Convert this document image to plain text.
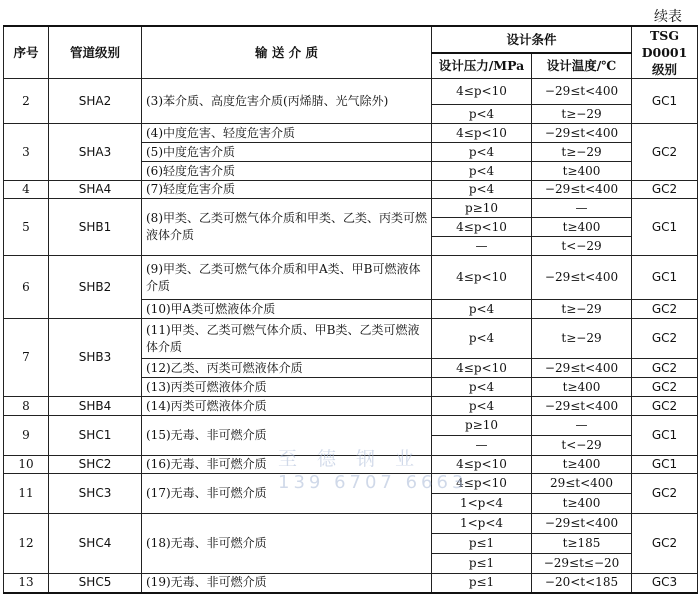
续表
序号	管道级别	输 送 介 质	设计条件		TSG D0001
级别

			设计压力/MPa	设计温度/℃	
2	SHA2	(3)苯介质、高度危害介质(丙烯腈、光气除外)	4≤p<10	−29≤t<400	GC1
			p<4	t≥−29	
3	SHA3	(4)中度危害、轻度危害介质	4≤p<10	−29≤t<400	GC2
		(5)中度危害介质	p<4	t≥−29	
		(6)轻度危害介质	p<4	t≥400	
4	SHA4	(7)轻度危害介质	p<4	−29≤t<400	GC2
5	SHB1	(8)甲类、乙类可燃气体介质和甲类、乙类、丙类可燃液体介质	p≥10	—	GC1
			4≤p<10	t≥400	
			—	t<−29	
6	SHB2	(9)甲类、乙类可燃气体介质和甲A类、甲B可燃液体介质	4≤p<10	−29≤t<400	GC1
		(10)甲A类可燃液体介质	p<4	t≥−29	GC2
7	SHB3	(11)甲类、乙类可燃气体介质、甲B类、乙类可燃液体介质	p<4	t≥−29	GC2
		(12)乙类、丙类可燃液体介质	4≤p<10	−29≤t<400	GC2
		(13)丙类可燃液体介质	p<4	t≥400	GC2
8	SHB4	(14)丙类可燃液体介质	p<4	−29≤t<400	GC2
9	SHC1	(15)无毒、非可燃介质	p≥10	—	GC1
			—	t<−29	
10	SHC2	(16)无毒、非可燃介质	4≤p<10	t≥400	GC1
11	SHC3	(17)无毒、非可燃介质	4≤p<10	29≤t<400	GC2
			1<p<4	t≥400	
12	SHC4	(18)无毒、非可燃介质	1<p<4	−29≤t<400	GC2
			p≤1	t≥185	
			p≤1	−29≤t≤−20	
13	SHC5	(19)无毒、非可燃介质	p≤1	−20<t<185	GC3
至德钢业
139 6707 6663
